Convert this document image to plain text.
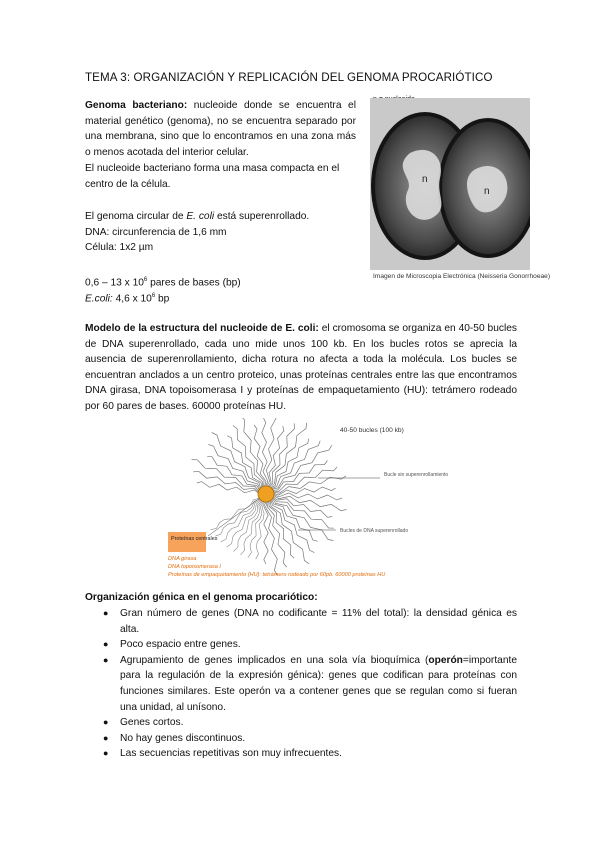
TEMA 3: ORGANIZACIÓN Y REPLICACIÓN DEL GENOMA PROCARIÓTICO
Genoma bacteriano: nucleoide donde se encuentra el material genético (genoma), no se encuentra separado por una membrana, sino que lo encontramos en una zona más o menos acotada del interior celular.
El nucleoide bacteriano forma una masa compacta en el centro de la célula.
El genoma circular de E. coli está superenrollado.
DNA: circunferencia de 1,6 mm
Célula: 1x2 µm
0,6 – 13 x $10^6$ pares de bases (bp)
E.coli: 4,6 x $10^6$ bp
n
n
Imagen de Microscopia Electrónica (Neisseria Gonorrhoeae)
Modelo de la estructura del nucleoide de E. coli: el cromosoma se organiza en 40-50 bucles de DNA superenrollado, cada uno mide unos 100 kb. En los bucles rotos se aprecia la ausencia de superenrollamiento, dicha rotura no afecta a toda la molécula. Los bucles se encuentran anclados a un centro proteico, unas proteínas centrales entre las que encontramos DNA girasa, DNA topoisomerasa I y proteínas de empaquetamiento (HU): tetrámero rodeado por 60 pares de bases. 60000 proteínas HU.
40-50 bucles (100 kb)
Bucle sin superenrollamiento
Bucles de DNA superenrollado
Proteínas centrales
DNA girasa
DNA topoisomerasa I
Proteínas de empaquetamiento (HU): tetrámero rodeado por 60pb. 60000 proteínas HU
Organización génica en el genoma procariótico:
● Gran número de genes (DNA no codificante = 11% del total): la densidad génica es alta.
● Poco espacio entre genes.
● Agrupamiento de genes implicados en una sola vía bioquímica (operón=importante para la regulación de la expresión génica): genes que codifican para proteínas con funciones similares. Este operón va a contener genes que se regulan como si fueran una unidad, al unísono.
● Genes cortos.
● No hay genes discontinuos.
● Las secuencias repetitivas son muy infrecuentes.
